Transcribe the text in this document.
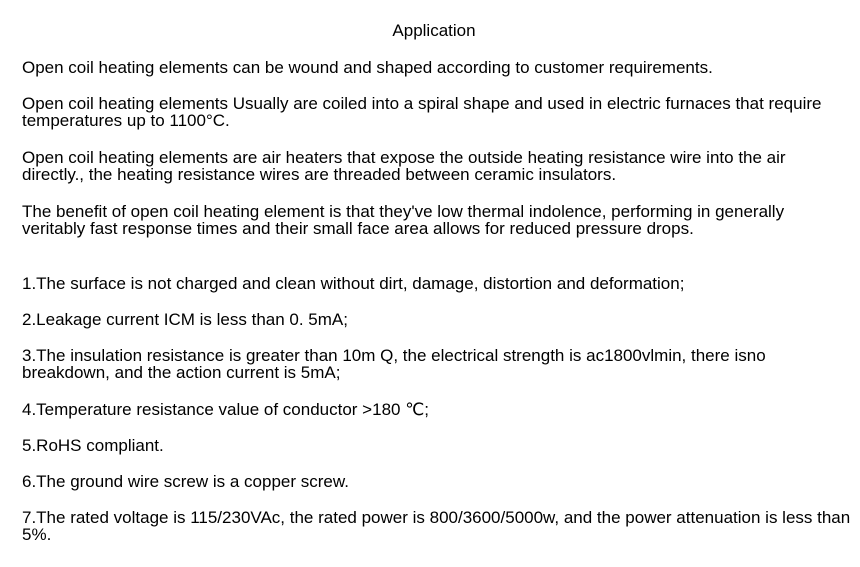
Application

Open coil heating elements can be wound and shaped according to customer requirements.

Open coil heating elements Usually are coiled into a spiral shape and used in electric furnaces that require temperatures up to 1100°C.

Open coil heating elements are air heaters that expose the outside heating resistance wire into the air directly., the heating resistance wires are threaded between ceramic insulators.

The benefit of open coil heating element is that they've low thermal indolence, performing in generally veritably fast response times and their small face area allows for reduced pressure drops.

1.The surface is not charged and clean without dirt, damage, distortion and deformation;

2.Leakage current ICM is less than 0. 5mA;

3.The insulation resistance is greater than 10m Q, the electrical strength is ac1800vlmin, there isno breakdown, and the action current is 5mA;

4.Temperature resistance value of conductor >180 ℃;

5.RoHS compliant.

6.The ground wire screw is a copper screw.

7.The rated voltage is 115/230VAc, the rated power is 800/3600/5000w, and the power attenuation is less than 5%.
